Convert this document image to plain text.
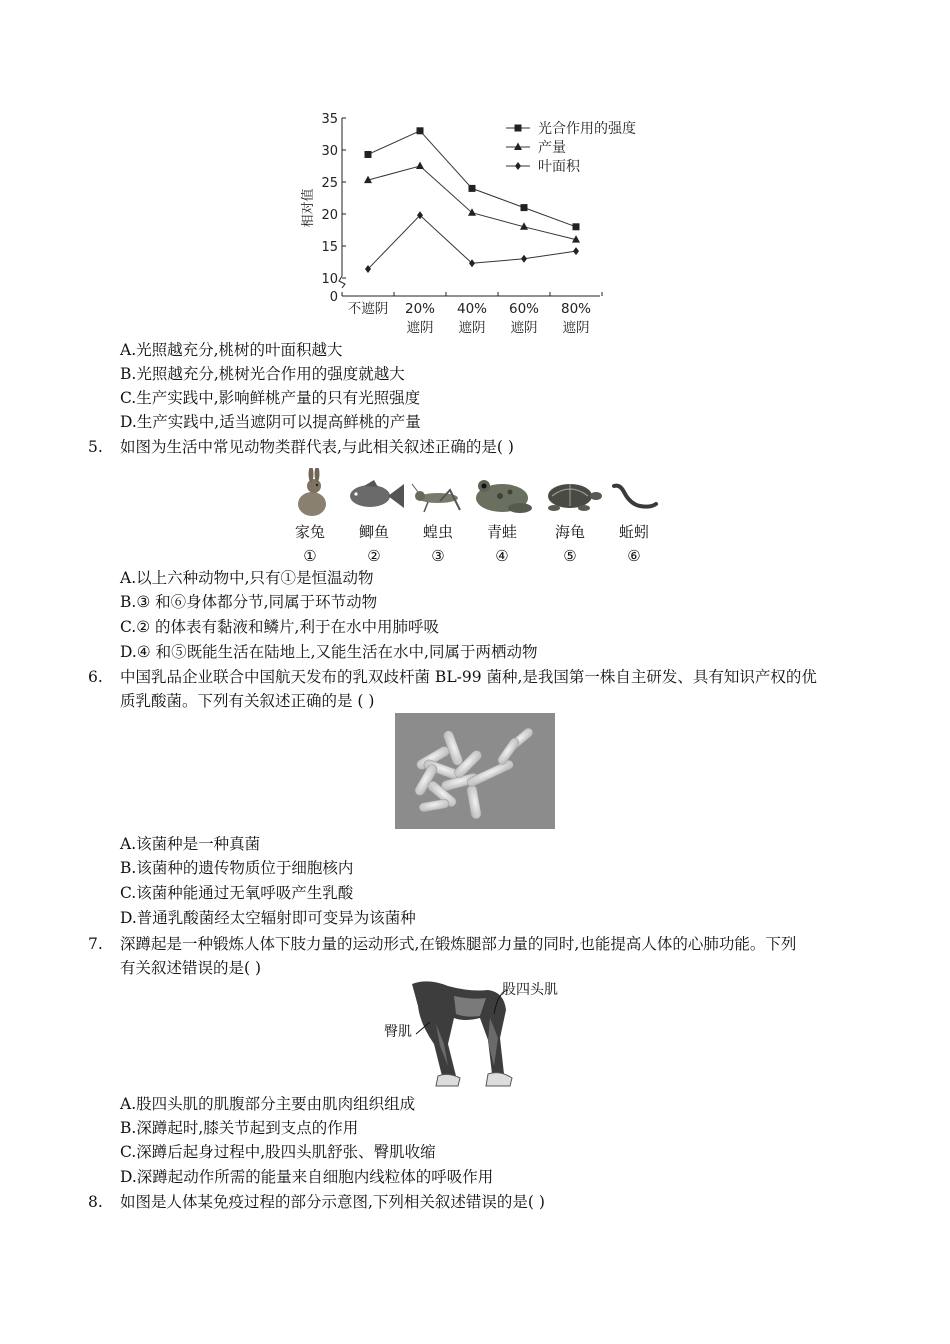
0
10
15
20
25
30
35
相对值
不遮阴 20%
遮阴
40%
遮阴
60%
遮阴
80%
遮阴
光合作用的强度
产量
叶面积
A.光照越充分,桃树的叶面积越大
B.光照越充分,桃树光合作用的强度就越大
C.生产实践中,影响鲜桃产量的只有光照强度
D.生产实践中,适当遮阴可以提高鲜桃的产量
5. 如图为生活中常见动物类群代表,与此相关叙述正确的是( )
家兔
①
鲫鱼
②
蝗虫
③
青蛙
④
海龟
⑤
蚯蚓
⑥
A.以上六种动物中,只有①是恒温动物
B.③ 和⑥身体都分节,同属于环节动物
C.② 的体表有黏液和鳞片,利于在水中用肺呼吸
D.④ 和⑤既能生活在陆地上,又能生活在水中,同属于两栖动物
6. 中国乳品企业联合中国航天发布的乳双歧杆菌 BL-99 菌种,是我国第一株自主研发、具有知识产权的优
质乳酸菌。下列有关叙述正确的是 ( )
A.该菌种是一种真菌
B.该菌种的遗传物质位于细胞核内
C.该菌种能通过无氧呼吸产生乳酸
D.普通乳酸菌经太空辐射即可变异为该菌种
7. 深蹲起是一种锻炼人体下肢力量的运动形式,在锻炼腿部力量的同时,也能提高人体的心肺功能。下列
有关叙述错误的是( )
股四头肌
臀肌
A.股四头肌的肌腹部分主要由肌肉组织组成
B.深蹲起时,膝关节起到支点的作用
C.深蹲后起身过程中,股四头肌舒张、臀肌收缩
D.深蹲起动作所需的能量来自细胞内线粒体的呼吸作用
8. 如图是人体某免疫过程的部分示意图,下列相关叙述错误的是( )
